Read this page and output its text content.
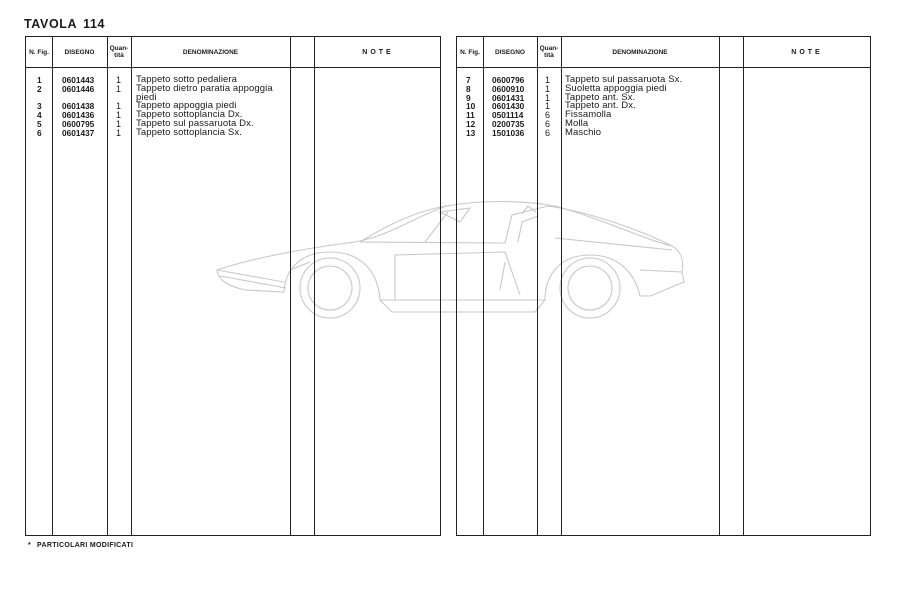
TAVOLA 114
N. Fig.	DISEGNO	Quan- tità	DENOMINAZIONE	NOTE
1 0601443 1 Tappeto sotto pedaliera
2 0601446 1 Tappeto dietro paratia appoggia
piedi
3 0601438 1 Tappeto appoggia piedi
4 0601436 1 Tappeto sottoplancia Dx.
5 0600795 1 Tappeto sul passaruota Dx.
6 0601437 1 Tappeto sottoplancia Sx.
N. Fig.	DISEGNO	Quan- tità	DENOMINAZIONE	NOTE
7	0600796 1 Tappeto sul passaruota Sx.
8	0600910 1 Suoletta appoggia piedi
9	0601431 1 Tappeto ant. Sx.
10 0601430 1 Tappeto ant. Dx.
11 0501114 6 Fissamolla
12 0200735 6 Molla
13 1501036 6 Maschio
* PARTICOLARI MODIFICATI
